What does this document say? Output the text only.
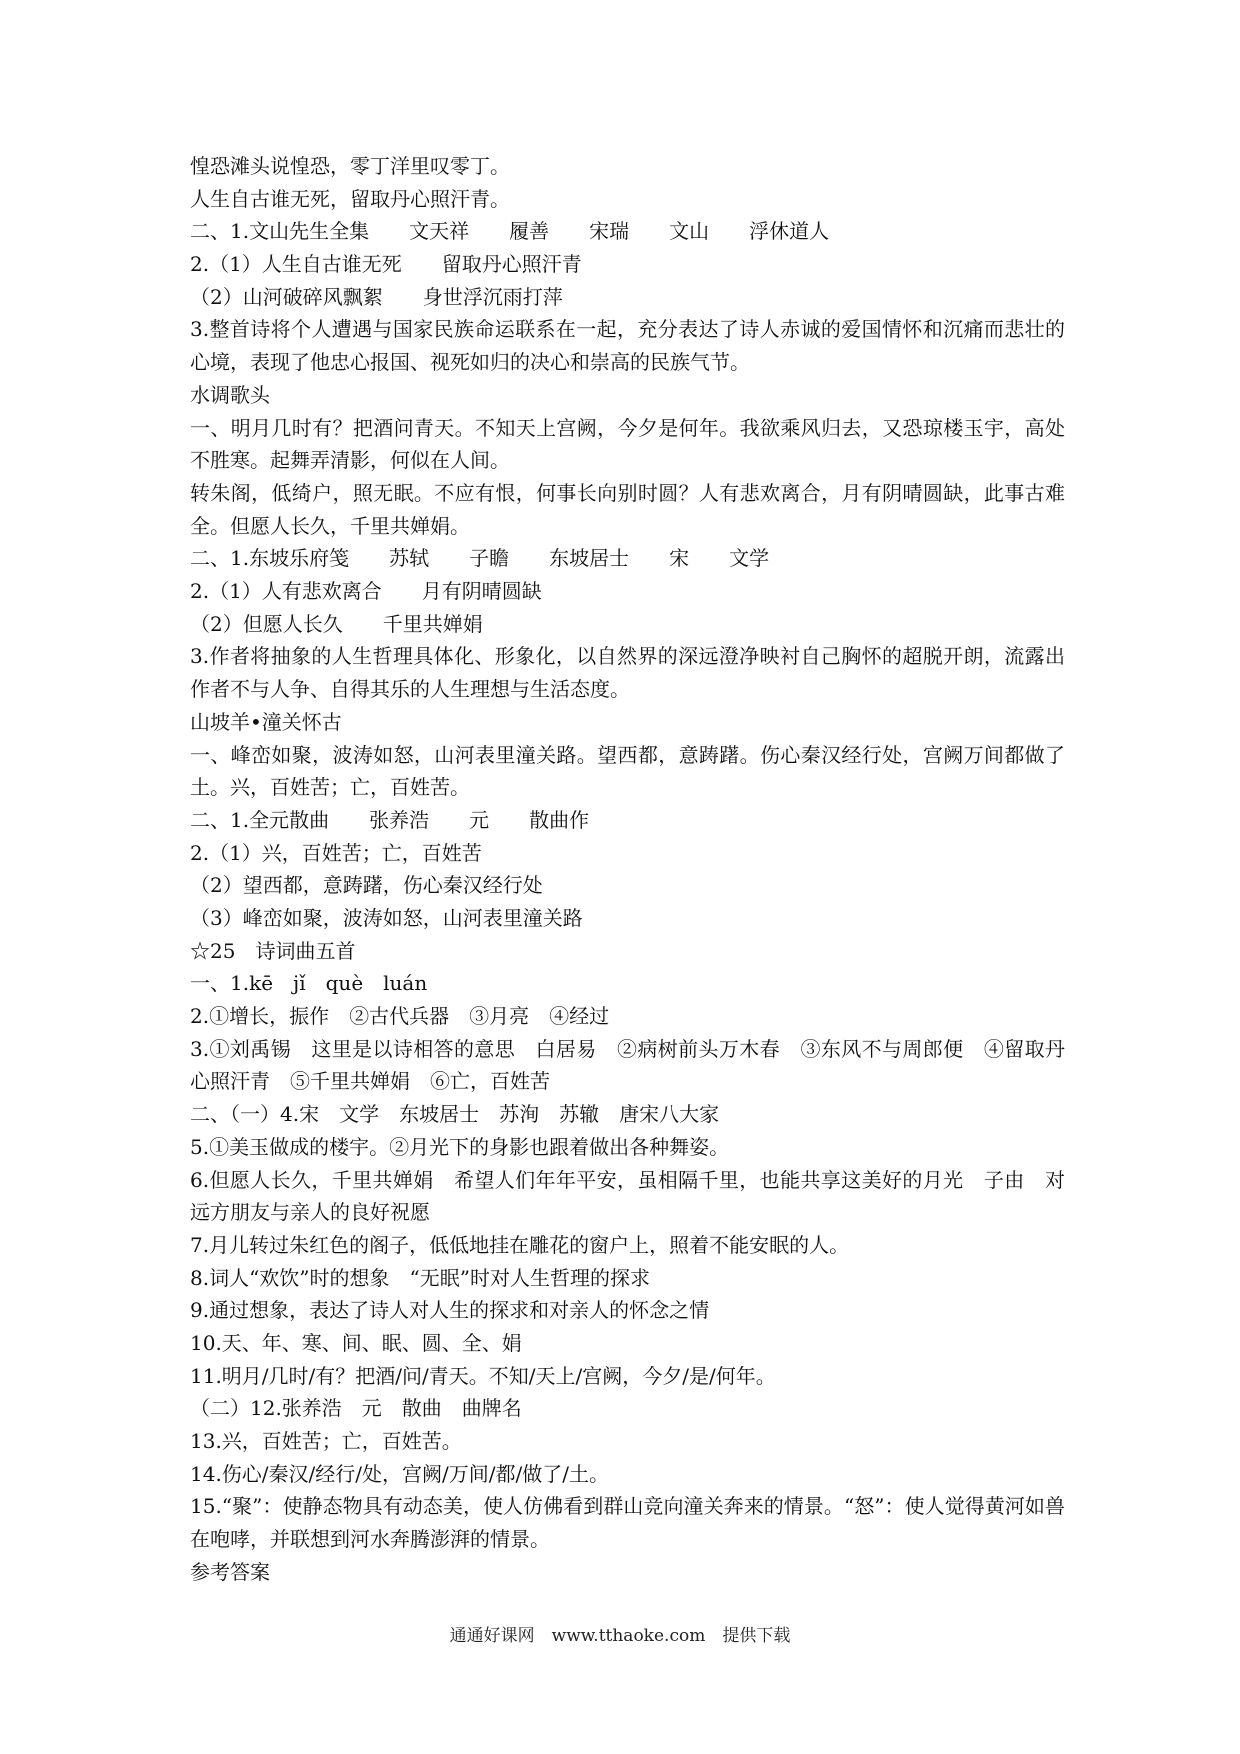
惶恐滩头说惶恐，零丁洋里叹零丁。
人生自古谁无死，留取丹心照汗青。
二、1.文山先生全集　　文天祥　　履善　　宋瑞　　文山　　浮休道人
2.（1）人生自古谁无死　　留取丹心照汗青
（2）山河破碎风飘絮　　身世浮沉雨打萍
3.整首诗将个人遭遇与国家民族命运联系在一起，充分表达了诗人赤诚的爱国情怀和沉痛而悲壮的心境，表现了他忠心报国、视死如归的决心和崇高的民族气节。
水调歌头
一、明月几时有？把酒问青天。不知天上宫阙，今夕是何年。我欲乘风归去，又恐琼楼玉宇，高处不胜寒。起舞弄清影，何似在人间。
转朱阁，低绮户，照无眠。不应有恨，何事长向别时圆？人有悲欢离合，月有阴晴圆缺，此事古难全。但愿人长久，千里共婵娟。
二、1.东坡乐府笺　　苏轼　　子瞻　　东坡居士　　宋　　文学
2.（1）人有悲欢离合　　月有阴晴圆缺
（2）但愿人长久　　千里共婵娟
3.作者将抽象的人生哲理具体化、形象化，以自然界的深远澄净映衬自己胸怀的超脱开朗，流露出作者不与人争、自得其乐的人生理想与生活态度。
山坡羊•潼关怀古
一、峰峦如聚，波涛如怒，山河表里潼关路。望西都，意踌躇。伤心秦汉经行处，宫阙万间都做了土。兴，百姓苦；亡，百姓苦。
二、1.全元散曲　　张养浩　　元　　散曲作
2.（1）兴，百姓苦；亡，百姓苦
（2）望西都，意踌躇，伤心秦汉经行处
（3）峰峦如聚，波涛如怒，山河表里潼关路
☆25　诗词曲五首
一、1.kē　jǐ　què　luán
2.①增长，振作　②古代兵器　③月亮　④经过
3.①刘禹锡　这里是以诗相答的意思　白居易　②病树前头万木春　③东风不与周郎便　④留取丹心照汗青　⑤千里共婵娟　⑥亡，百姓苦
二、（一）4.宋　文学　东坡居士　苏洵　苏辙　唐宋八大家
5.①美玉做成的楼宇。②月光下的身影也跟着做出各种舞姿。
6.但愿人长久，千里共婵娟　希望人们年年平安，虽相隔千里，也能共享这美好的月光　子由　对远方朋友与亲人的良好祝愿
7.月儿转过朱红色的阁子，低低地挂在雕花的窗户上，照着不能安眠的人。
8.词人“欢饮”时的想象　“无眠”时对人生哲理的探求
9.通过想象，表达了诗人对人生的探求和对亲人的怀念之情
10.天、年、寒、间、眠、圆、全、娟
11.明月/几时/有？把酒/问/青天。不知/天上/宫阙，今夕/是/何年。
（二）12.张养浩　元　散曲　曲牌名
13.兴，百姓苦；亡，百姓苦。
14.伤心/秦汉/经行/处，宫阙/万间/都/做了/土。
15.“聚”：使静态物具有动态美，使人仿佛看到群山竞向潼关奔来的情景。“怒”：使人觉得黄河如兽在咆哮，并联想到河水奔腾澎湃的情景。
参考答案
通通好课网　www.tthaoke.com　提供下载
